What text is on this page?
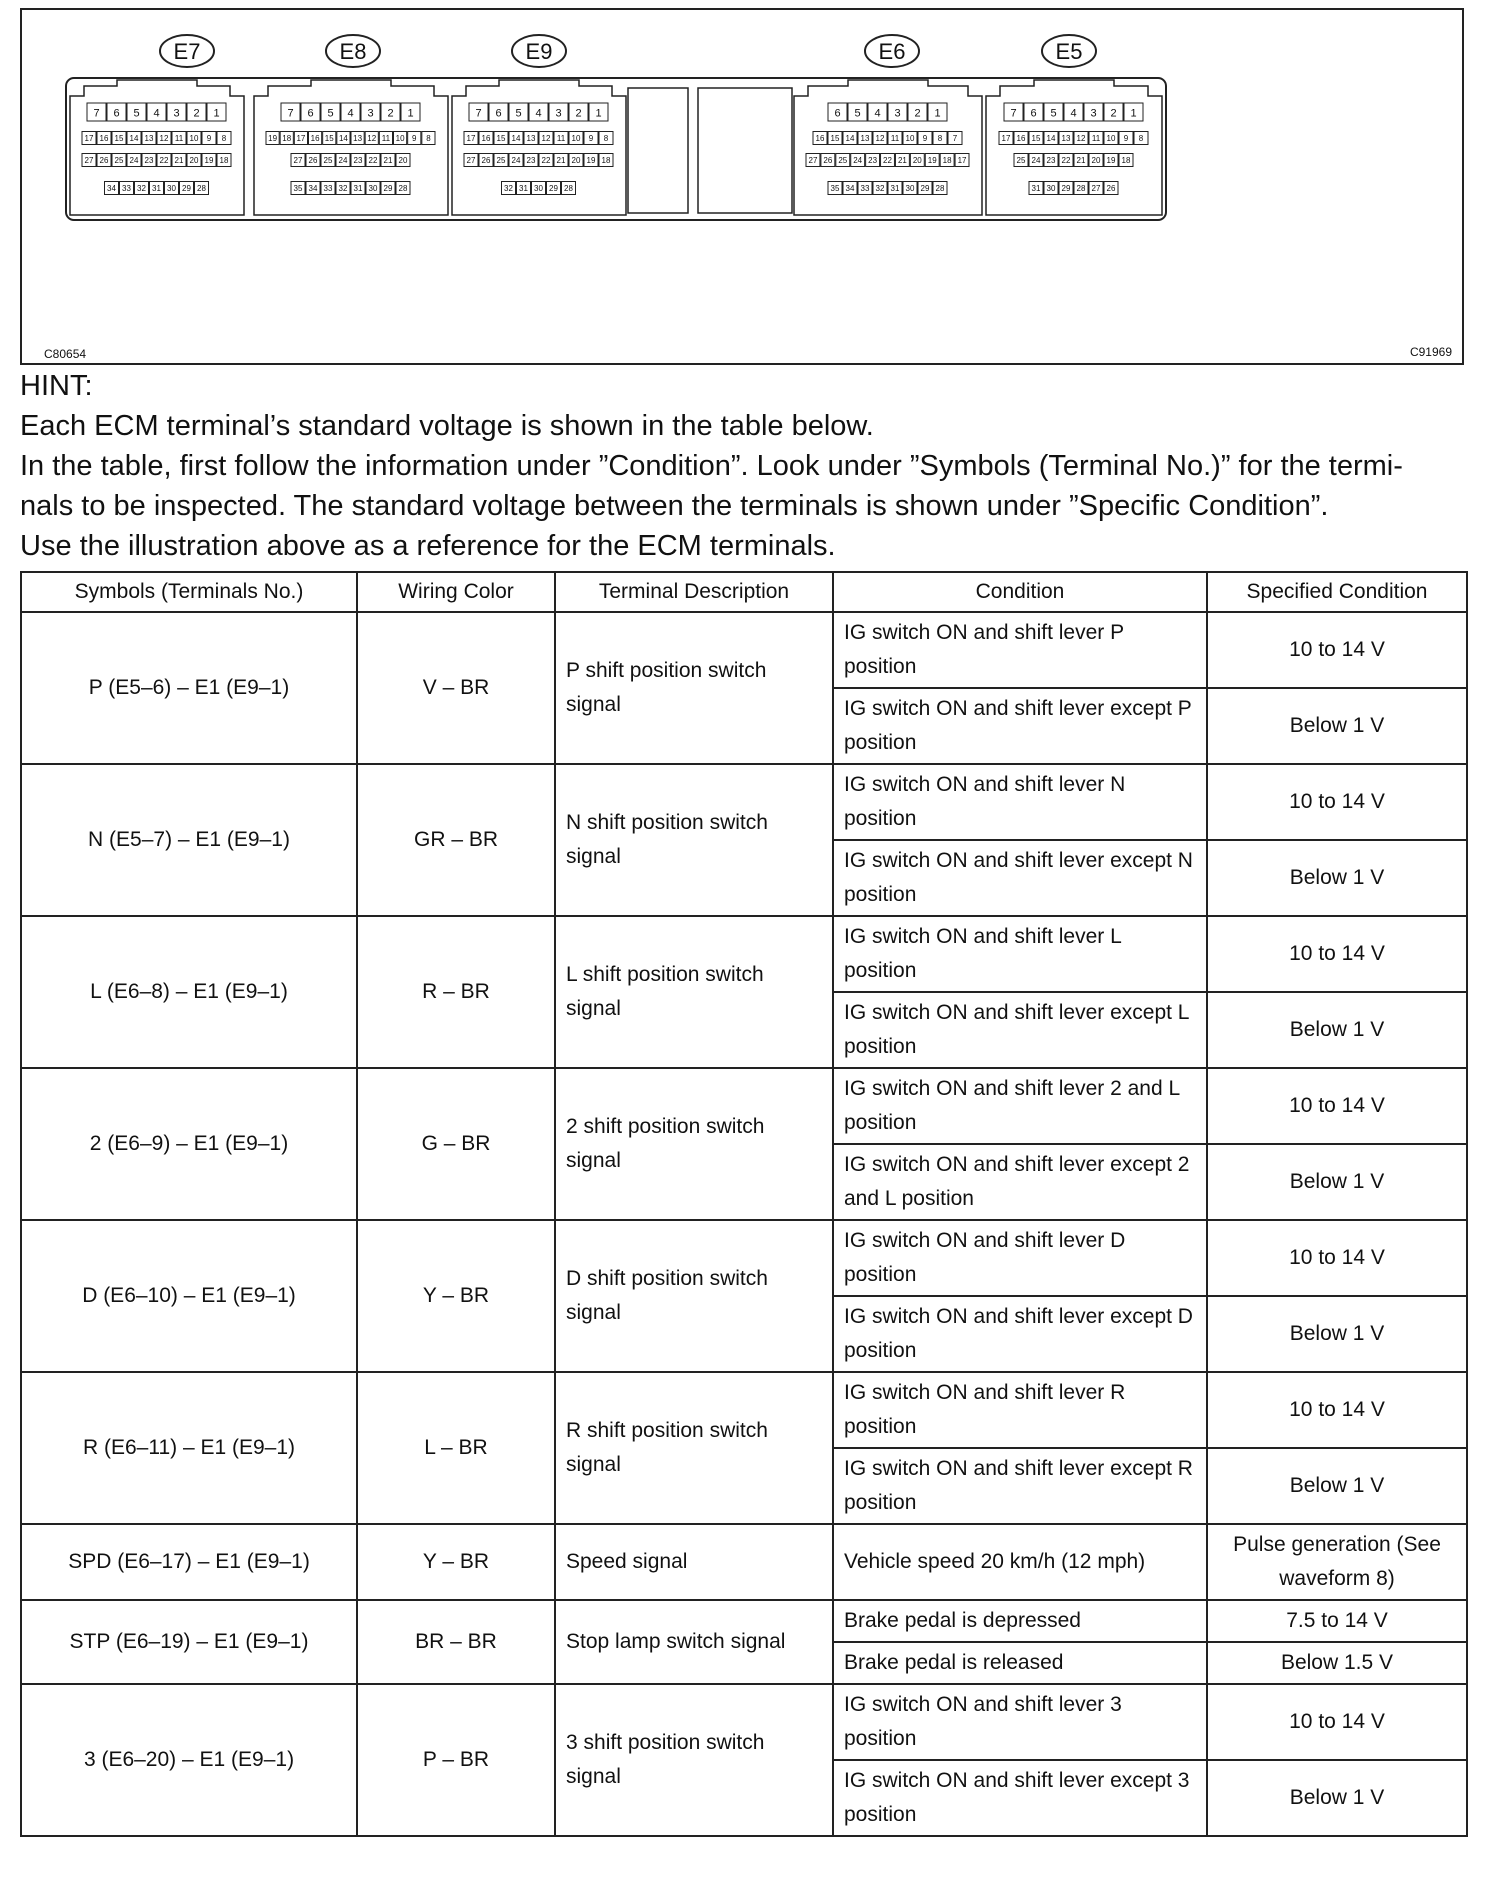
E7
7 6 5 4 3 2 1
17 16 15 14 13 12 11 10 9 8
27 26 25 24 23 22 21 20 19 18
34 33 32 31 30 29 28
E8
7 6 5 4 3 2 1
19 18 17 16 15 14 13 12 11 10 9 8
27 26 25 24 23 22 21 20
35 34 33 32 31 30 29 28
E9
7 6 5 4 3 2 1
17 16 15 14 13 12 11 10 9 8
27 26 25 24 23 22 21 20 19 18
32 31 30 29 28
E6
6 5 4 3 2 1
16 15 14 13 12 11 10 9 8 7
27 26 25 24 23 22 21 20 19 18 17
35 34 33 32 31 30 29 28
E5
7 6 5 4 3 2 1
17 16 15 14 13 12 11 10 9 8
25 24 23 22 21 20 19 18
31 30 29 28 27 26
C80654	C91969

HINT:

Each ECM terminal’s standard voltage is shown in the table below.

In the table, first follow the information under ”Condition”. Look under ”Symbols (Terminal No.)” for the termi-

nals to be inspected. The standard voltage between the terminals is shown under ”Specific Condition”.

Use the illustration above as a reference for the ECM terminals.

Symbols (Terminals No.)	Wiring Color	Terminal Description	Condition	Specified Condition
P (E5–6) – E1 (E9–1)	V – BR	P shift position switch signal	IG switch ON and shift lever P position	10 to 14 V
			IG switch ON and shift lever except P position	Below 1 V
N (E5–7) – E1 (E9–1)	GR – BR	N shift position switch signal	IG switch ON and shift lever N position	10 to 14 V
			IG switch ON and shift lever except N position	Below 1 V
L (E6–8) – E1 (E9–1)	R – BR	L shift position switch signal	IG switch ON and shift lever L position	10 to 14 V
			IG switch ON and shift lever except L position	Below 1 V
2 (E6–9) – E1 (E9–1)	G – BR	2 shift position switch signal	IG switch ON and shift lever 2 and L position	10 to 14 V
			IG switch ON and shift lever except 2 and L position	Below 1 V
D (E6–10) – E1 (E9–1)	Y – BR	D shift position switch signal	IG switch ON and shift lever D position	10 to 14 V
			IG switch ON and shift lever except D position	Below 1 V
R (E6–11) – E1 (E9–1)	L – BR	R shift position switch signal	IG switch ON and shift lever R position	10 to 14 V
			IG switch ON and shift lever except R position	Below 1 V
SPD (E6–17) – E1 (E9–1)	Y – BR	Speed signal	Vehicle speed 20 km/h (12 mph)	Pulse generation (See waveform 8)
STP (E6–19) – E1 (E9–1)	BR – BR	Stop lamp switch signal	Brake pedal is depressed	7.5 to 14 V
			Brake pedal is released	Below 1.5 V
3 (E6–20) – E1 (E9–1)	P – BR	3 shift position switch signal	IG switch ON and shift lever 3 position	10 to 14 V
			IG switch ON and shift lever except 3 position	Below 1 V
